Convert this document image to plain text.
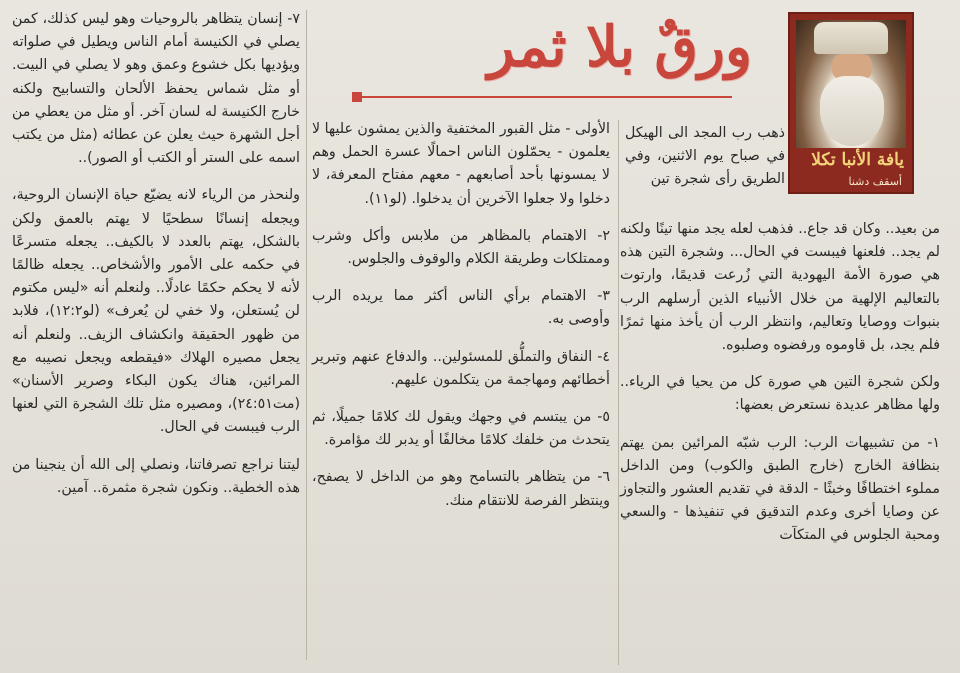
يافة الأنبا تكلا
أسقف دشنا
ورقٌ بلا ثمر

ذهب رب المجد الى الهيكل في صباح يوم الاثنين، وفي الطريق رأى شجرة تين

من بعيد.. وكان قد جاع.. فذهب لعله يجد منها تينًا ولكنه لم يجد.. فلعنها فيبست في الحال... وشجرة التين هذه هي صورة الأمة اليهودية التي زُرعت قديمًا، وارتوت بالتعاليم الإلهية من خلال الأنبياء الذين أرسلهم الرب بنبوات ووصايا وتعاليم، وانتظر الرب أن يأخذ منها ثمرًا فلم يجد، بل قاوموه ورفضوه وصلبوه.

ولكن شجرة التين هي صورة كل من يحيا في الرياء.. ولها مظاهر عديدة نستعرض بعضها:

١- من تشبيهات الرب: الرب شبّه المرائين بمن يهتم بنظافة الخارج (خارج الطبق والكوب) ومن الداخل مملوء اختطافًا وخبثًا - الدقة في تقديم العشور والتجاوز عن وصايا أخرى وعدم التدقيق في تنفيذها - والسعي ومحبة الجلوس في المتكآت

الأولى - مثل القبور المختفية والذين يمشون عليها لا يعلمون - يحمّلون الناس احمالًا عسرة الحمل وهم لا يمسونها بأحد أصابعهم - معهم مفتاح المعرفة، لا دخلوا ولا جعلوا الآخرين أن يدخلوا. (لو١١).

٢- الاهتمام بالمظاهر من ملابس وأكل وشرب وممتلكات وطريقة الكلام والوقوف والجلوس.

٣- الاهتمام برأي الناس أكثر مما يريده الرب وأوصى به.

٤- النفاق والتملُّق للمسئولين.. والدفاع عنهم وتبرير أخطائهم ومهاجمة من يتكلمون عليهم.

٥- من يبتسم في وجهك ويقول لك كلامًا جميلًا، ثم يتحدث من خلفك كلامًا مخالفًا أو يدبر لك مؤامرة.

٦- من يتظاهر بالتسامح وهو من الداخل لا يصفح، وينتظر الفرصة للانتقام منك.

٧- إنسان يتظاهر بالروحيات وهو ليس كذلك، كمن يصلي في الكنيسة أمام الناس ويطيل في صلواته ويؤديها بكل خشوع وعمق وهو لا يصلي في البيت. أو مثل شماس يحفظ الألحان والتسابيح ولكنه خارج الكنيسة له لسان آخر. أو مثل من يعطي من أجل الشهرة حيث يعلن عن عطائه (مثل من يكتب اسمه على الستر أو الكتب أو الصور)..

ولنحذر من الرياء لانه يضيّع حياة الإنسان الروحية، ويجعله إنسانًا سطحيًا لا يهتم بالعمق ولكن بالشكل، يهتم بالعدد لا بالكيف.. يجعله متسرعًا في حكمه على الأمور والأشخاص.. يجعله ظالمًا لأنه لا يحكم حكمًا عادلًا.. ولنعلم أنه «ليس مكتوم لن يُستعلن، ولا خفي لن يُعرف» (لو١٢:٢)، فلابد من ظهور الحقيقة وانكشاف الزيف.. ولنعلم أنه يجعل مصيره الهلاك «فيقطعه ويجعل نصيبه مع المرائين، هناك يكون البكاء وصرير الأسنان» (مت٢٤:٥١)، ومصيره مثل تلك الشجرة التي لعنها الرب فيبست في الحال.

ليتنا نراجع تصرفاتنا، ونصلي إلى الله أن ينجينا من هذه الخطية.. ونكون شجرة مثمرة.. آمين.
